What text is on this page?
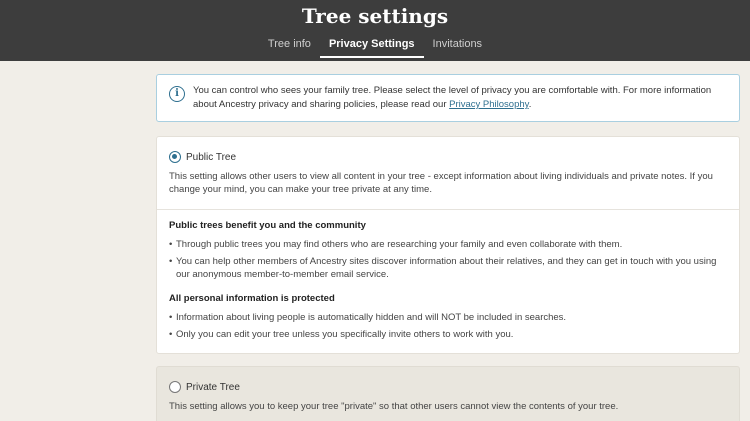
Tree settings
Tree info	Privacy Settings	Invitations
i	You can control who sees your family tree. Please select the level of privacy you are comfortable with. For more information about Ancestry privacy and sharing policies, please read our Privacy Philosophy.
Public Tree
This setting allows other users to view all content in your tree - except information about living individuals and private notes. If you change your mind, you can make your tree private at any time.
Public trees benefit you and the community
• Through public trees you may find others who are researching your family and even collaborate with them.
• You can help other members of Ancestry sites discover information about their relatives, and they can get in touch with you using our anonymous member-to-member email service.
All personal information is protected
• Information about living people is automatically hidden and will NOT be included in searches.
• Only you can edit your tree unless you specifically invite others to work with you.
Private Tree
This setting allows you to keep your tree "private" so that other users cannot view the contents of your tree.
